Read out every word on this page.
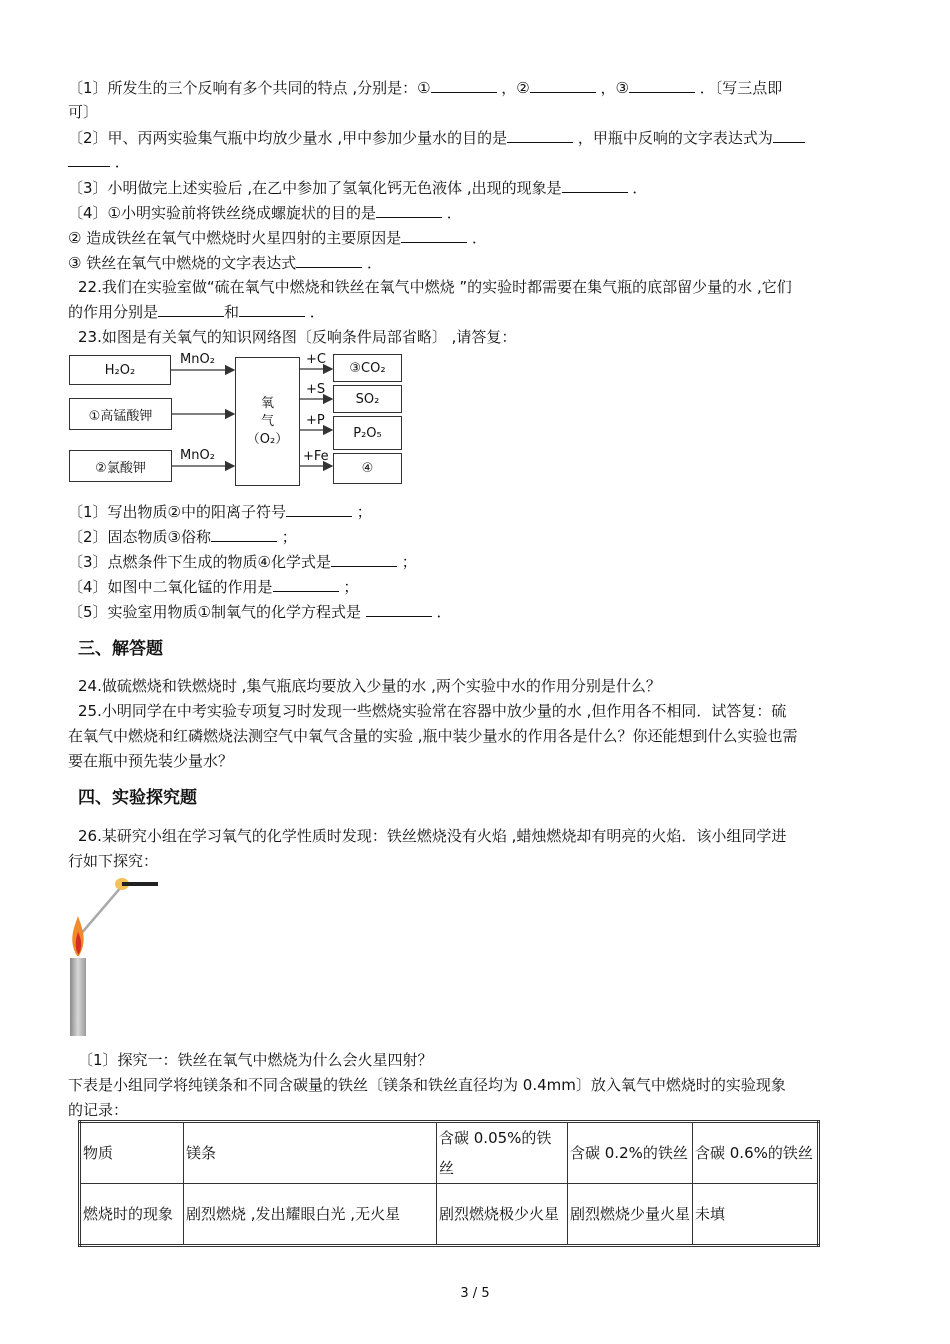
〔1〕所发生的三个反响有多个共同的特点 ,分别是：①	，②	，③	．〔写三点即
可〕
〔2〕甲、丙两实验集气瓶中均放少量水 ,甲中参加少量水的目的是	，甲瓶中反响的文字表达式为
．
〔3〕小明做完上述实验后 ,在乙中参加了氢氧化钙无色液体 ,出现的现象是	．
〔4〕①小明实验前将铁丝绕成螺旋状的目的是	．
② 造成铁丝在氧气中燃烧时火星四射的主要原因是	．
③ 铁丝在氧气中燃烧的文字表达式	．
22.我们在实验室做“硫在氧气中燃烧和铁丝在氧气中燃烧 ”的实验时都需要在集气瓶的底部留少量的水 ,它们
的作用分别是	和	．
23.如图是有关氧气的知识网络图〔反响条件局部省略〕 ,请答复：
H₂O₂
①高锰酸钾
②氯酸钾
MnO₂
MnO₂
氧
气
（O₂）
+C
+S
+P
+Fe
③CO₂
SO₂
P₂O₅
④
〔1〕写出物质②中的阳离子符号	；
〔2〕固态物质③俗称	；
〔3〕点燃条件下生成的物质④化学式是	；
〔4〕如图中二氧化锰的作用是	；
〔5〕实验室用物质①制氧气的化学方程式是	．
三、解答题
24.做硫燃烧和铁燃烧时 ,集气瓶底均要放入少量的水 ,两个实验中水的作用分别是什么？
25.小明同学在中考实验专项复习时发现一些燃烧实验常在容器中放少量的水 ,但作用各不相同．试答复：硫
在氧气中燃烧和红磷燃烧法测空气中氧气含量的实验 ,瓶中装少量水的作用各是什么？你还能想到什么实验也需
要在瓶中预先装少量水？
四、实验探究题
26.某研究小组在学习氧气的化学性质时发现：铁丝燃烧没有火焰 ,蜡烛燃烧却有明亮的火焰．该小组同学进
行如下探究：
〔1〕探究一：铁丝在氧气中燃烧为什么会火星四射？
下表是小组同学将纯镁条和不同含碳量的铁丝〔镁条和铁丝直径均为 0.4mm〕放入氧气中燃烧时的实验现象
的记录：
物质	镁条	含碳 0.05%的铁丝	含碳 0.2%的铁丝	含碳 0.6%的铁丝
燃烧时的现象	剧烈燃烧 ,发出耀眼白光 ,无火星	剧烈燃烧极少火星	剧烈燃烧少量火星	未填
3 / 5
